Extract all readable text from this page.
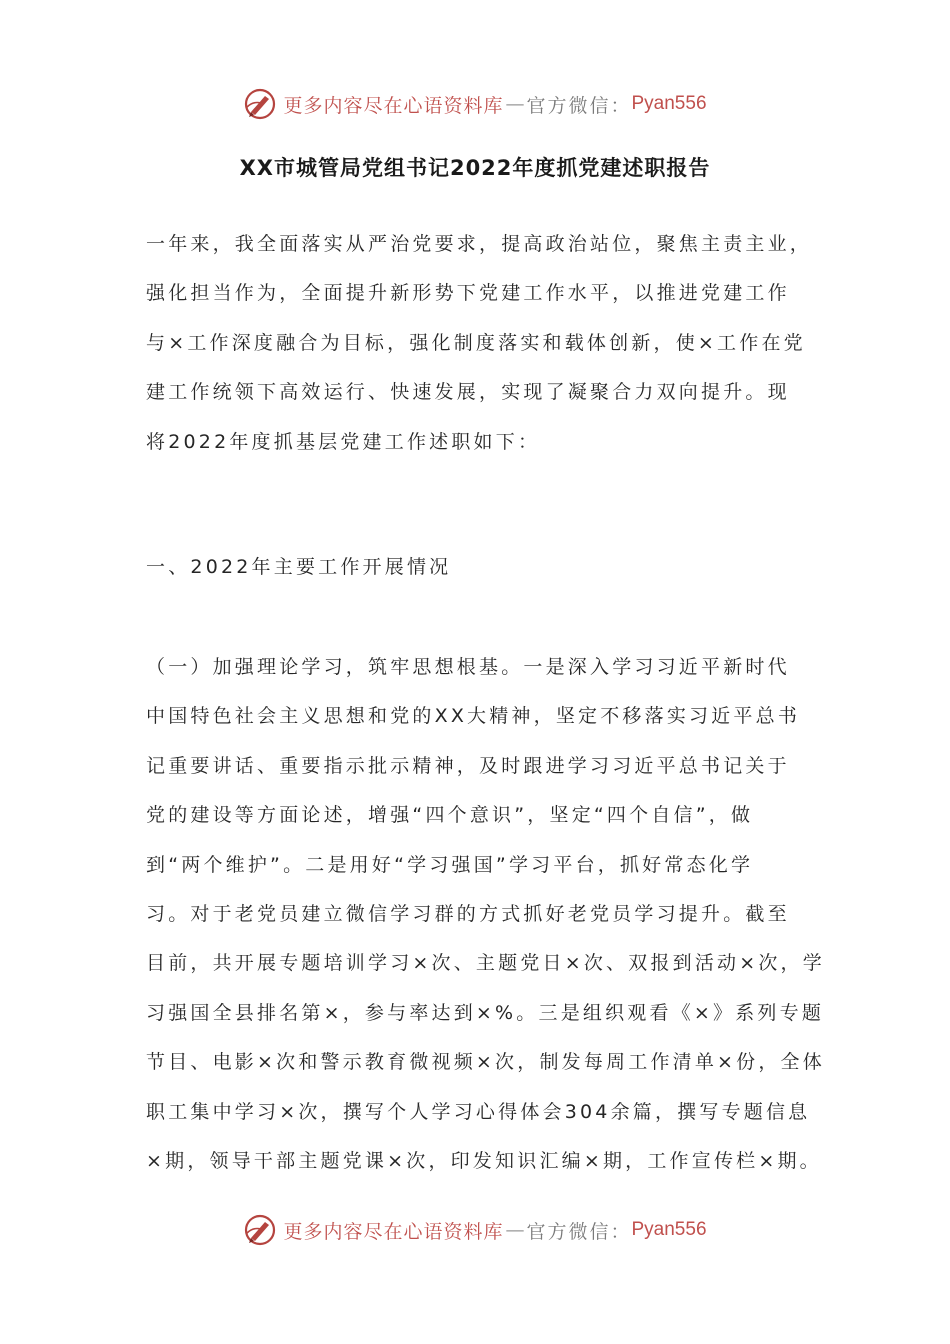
更多内容尽在心语资料库 — 官方微信： Pyan556
XX市城管局党组书记2022年度抓党建述职报告
一年来，我全面落实从严治党要求，提高政治站位，聚焦主责主业，
强化担当作为，全面提升新形势下党建工作水平，以推进党建工作
与×工作深度融合为目标，强化制度落实和载体创新，使×工作在党
建工作统领下高效运行、快速发展，实现了凝聚合力双向提升。现
将2022年度抓基层党建工作述职如下：
一、2022年主要工作开展情况
（一）加强理论学习，筑牢思想根基。一是深入学习习近平新时代
中国特色社会主义思想和党的XX大精神，坚定不移落实习近平总书
记重要讲话、重要指示批示精神，及时跟进学习习近平总书记关于
党的建设等方面论述，增强“四个意识”，坚定“四个自信”，做
到“两个维护”。二是用好“学习强国”学习平台，抓好常态化学
习。对于老党员建立微信学习群的方式抓好老党员学习提升。截至
目前，共开展专题培训学习×次、主题党日×次、双报到活动×次，学
习强国全县排名第×，参与率达到×%。三是组织观看《×》系列专题
节目、电影×次和警示教育微视频×次，制发每周工作清单×份，全体
职工集中学习×次，撰写个人学习心得体会304余篇，撰写专题信息
×期，领导干部主题党课×次，印发知识汇编×期，工作宣传栏×期。
更多内容尽在心语资料库 — 官方微信： Pyan556
